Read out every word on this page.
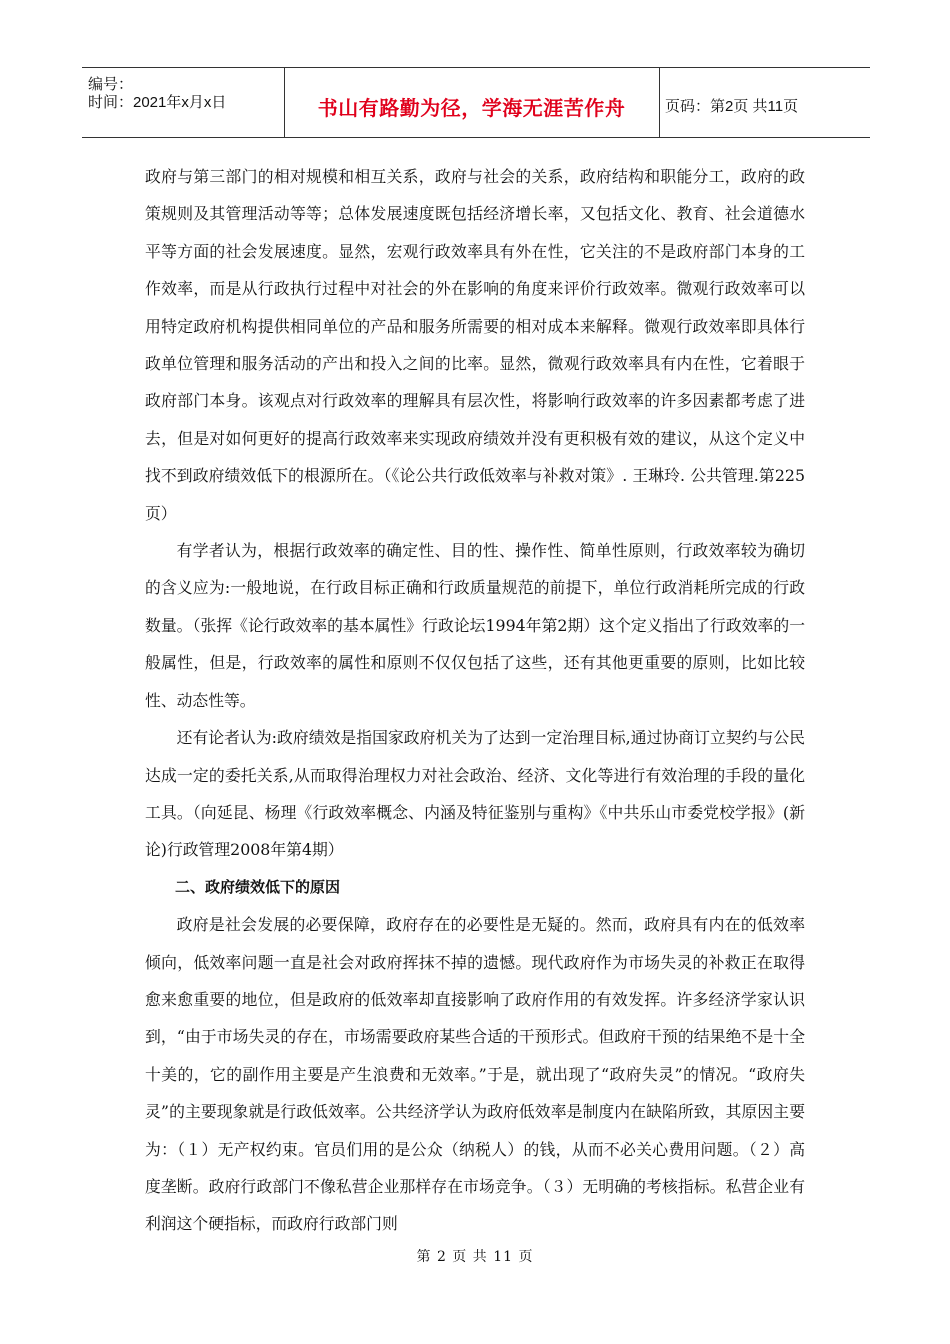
编号：
时间：2021年x月x日	书山有路勤为径，学海无涯苦作舟	页码：第2页 共11页

政府与第三部门的相对规模和相互关系，政府与社会的关系，政府结构和职能分工，政府的政策规则及其管理活动等等；总体发展速度既包括经济增长率，又包括文化、教育、社会道德水平等方面的社会发展速度。显然，宏观行政效率具有外在性，它关注的不是政府部门本身的工作效率，而是从行政执行过程中对社会的外在影响的角度来评价行政效率。微观行政效率可以用特定政府机构提供相同单位的产品和服务所需要的相对成本来解释。微观行政效率即具体行政单位管理和服务活动的产出和投入之间的比率。显然，微观行政效率具有内在性，它着眼于政府部门本身。该观点对行政效率的理解具有层次性，将影响行政效率的许多因素都考虑了进去，但是对如何更好的提高行政效率来实现政府绩效并没有更积极有效的建议，从这个定义中找不到政府绩效低下的根源所在。（《论公共行政低效率与补救对策》. 王琳玲. 公共管理.第225页）

有学者认为，根据行政效率的确定性、目的性、操作性、简单性原则，行政效率较为确切的含义应为:一般地说，在行政目标正确和行政质量规范的前提下，单位行政消耗所完成的行政数量。（张挥《论行政效率的基本属性》行政论坛1994年第2期）这个定义指出了行政效率的一般属性，但是，行政效率的属性和原则不仅仅包括了这些，还有其他更重要的原则，比如比较性、动态性等。

还有论者认为:政府绩效是指国家政府机关为了达到一定治理目标,通过协商订立契约与公民达成一定的委托关系,从而取得治理权力对社会政治、经济、文化等进行有效治理的手段的量化工具。（向延昆、杨理《行政效率概念、内涵及特征鉴别与重构》《中共乐山市委党校学报》(新论)行政管理2008年第4期）

二、政府绩效低下的原因

政府是社会发展的必要保障，政府存在的必要性是无疑的。然而，政府具有内在的低效率倾向，低效率问题一直是社会对政府挥抹不掉的遗憾。现代政府作为市场失灵的补救正在取得愈来愈重要的地位，但是政府的低效率却直接影响了政府作用的有效发挥。许多经济学家认识到，“由于市场失灵的存在，市场需要政府某些合适的干预形式。但政府干预的结果绝不是十全十美的，它的副作用主要是产生浪费和无效率。”于是，就出现了“政府失灵”的情况。“政府失灵”的主要现象就是行政低效率。公共经济学认为政府低效率是制度内在缺陷所致，其原因主要为：（１）无产权约束。官员们用的是公众（纳税人）的钱，从而不必关心费用问题。（２）高度垄断。政府行政部门不像私营企业那样存在市场竞争。（３）无明确的考核指标。私营企业有利润这个硬指标，而政府行政部门则

第 2 页 共 11 页
